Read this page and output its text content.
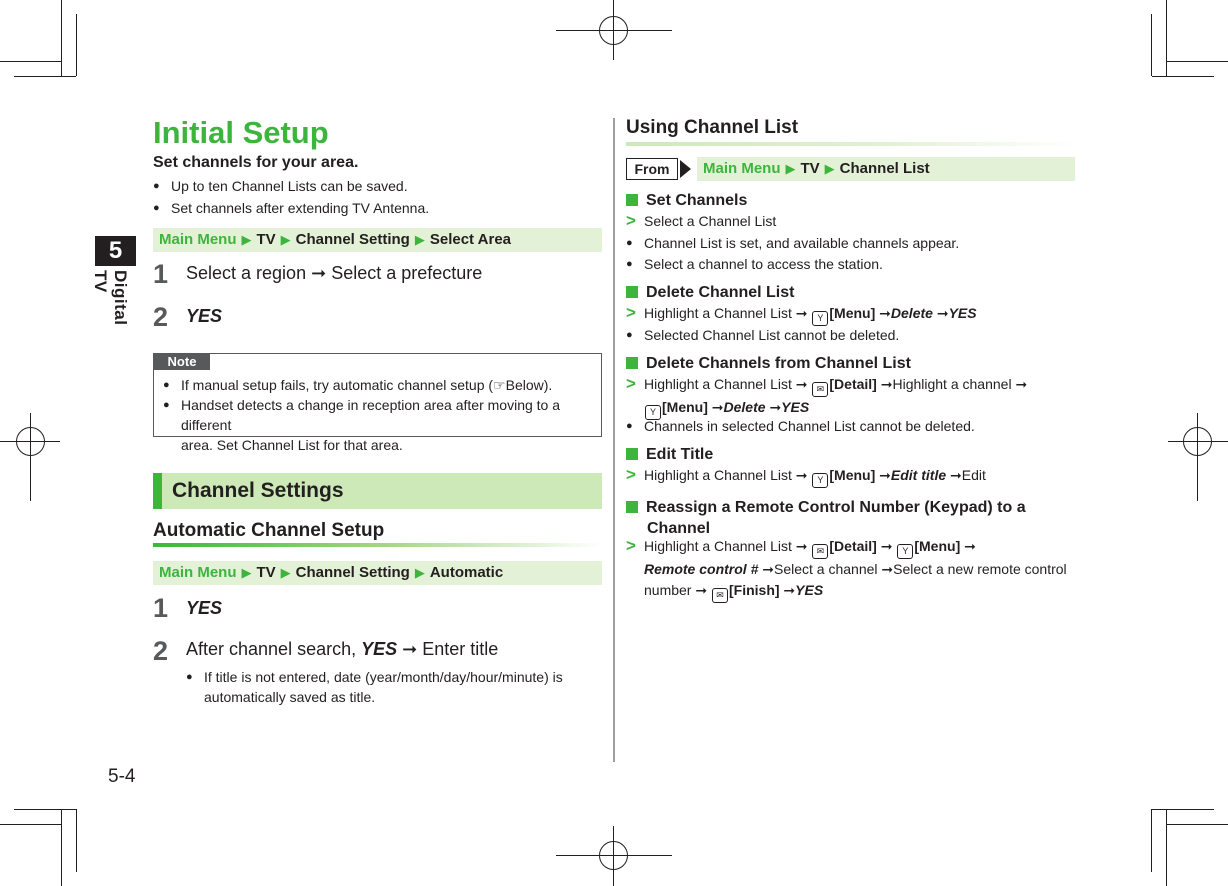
5
Digital TV
5-4
Initial Setup
Set channels for your area.
● Up to ten Channel Lists can be saved.
● Set channels after extending TV Antenna.
Main Menu ▶ TV ▶ Channel Setting ▶ Select Area
1 Select a region ➞ Select a prefecture
2 YES
Note
● If manual setup fails, try automatic channel setup (☞Below).
● Handset detects a change in reception area after moving to a different
area. Set Channel List for that area.
Channel Settings
Automatic Channel Setup
Main Menu ▶ TV ▶ Channel Setting ▶ Automatic
1 YES
2 After channel search, YES ➞ Enter title
● If title is not entered, date (year/month/day/hour/minute) is
automatically saved as title.
Using Channel List
From	Main Menu ▶ TV ▶ Channel List
Set Channels
> Select a Channel List
● Channel List is set, and available channels appear.
● Select a channel to access the station.
Delete Channel List
> Highlight a Channel List ➞ Y [Menu] ➞Delete ➞YES
● Selected Channel List cannot be deleted.
Delete Channels from Channel List
> Highlight a Channel List ➞ ✉ [Detail] ➞Highlight a channel ➞
Y [Menu] ➞Delete ➞YES
● Channels in selected Channel List cannot be deleted.
Edit Title
> Highlight a Channel List ➞ Y [Menu] ➞Edit title ➞Edit
Reassign a Remote Control Number (Keypad) to a
Channel
> Highlight a Channel List ➞ ✉ [Detail] ➞ Y [Menu] ➞
Remote control # ➞Select a channel ➞Select a new remote control
number ➞ ✉ [Finish] ➞YES
